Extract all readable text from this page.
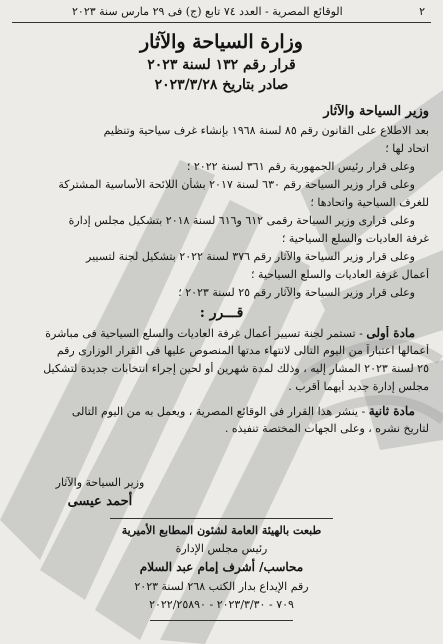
الوقائع المصرية - العدد ٧٤ تابع (ج) فى ٢٩ مارس سنة ٢٠٢٣	٢
وزارة السياحة والآثار
قرار رقم ١٣٢ لسنة ٢٠٢٣
صادر بتاريخ ٢٠٢٣/٣/٢٨
وزير السياحة والآثار
بعد الاطلاع على القانون رقم ٨٥ لسنة ١٩٦٨ بإنشاء غرف سياحية وتنظيم
اتحاد لها ؛
وعلى قرار رئيس الجمهورية رقم ٣٦١ لسنة ٢٠٢٢ ؛
وعلى قرار وزير السياحة رقم ٦٣٠ لسنة ٢٠١٧ بشأن اللائحة الأساسية المشتركة
للغرف السياحية واتحادها ؛
وعلى قرارى وزير السياحة رقمى ٦١٢ و٦١٦ لسنة ٢٠١٨ بتشكيل مجلس إدارة
غرفة العاديات والسلع السياحية ؛
وعلى قرار وزير السياحة والآثار رقم ٣٧٦ لسنة ٢٠٢٢ بتشكيل لجنة لتسيير
أعمال غرفة العاديات والسلع السياحية ؛
وعلى قرار وزير السياحة والآثار رقم ٢٥ لسنة ٢٠٢٣ ؛
قـــرر :
مادة أولى - تستمر لجنة تسيير أعمال غرفة العاديات والسلع السياحية فى مباشرة
أعمالها اعتباراً من اليوم التالى لانتهاء مدتها المنصوص عليها فى القرار الوزارى رقم
٢٥ لسنة ٢٠٢٣ المشار إليه ، وذلك لمدة شهرين أو لحين إجراء انتخابات جديدة لتشكيل
مجلس إدارة جديد أيهما أقرب .
مادة ثانية - ينشر هذا القرار فى الوقائع المصرية ، ويعمل به من اليوم التالى
لتاريخ نشره ، وعلى الجهات المختصة تنفيذه .
وزير السياحة والآثار
أحمد عيسى
طبعت بالهيئة العامة لشئون المطابع الأميرية
رئيس مجلس الإدارة
محاسب/ أشرف إمام عبد السلام
رقم الإيداع بدار الكتب ٢٦٨ لسنة ٢٠٢٣
٧٠٩ - ٢٠٢٣/٣/٣٠ - ٢٠٢٢/٢٥٨٩٠
